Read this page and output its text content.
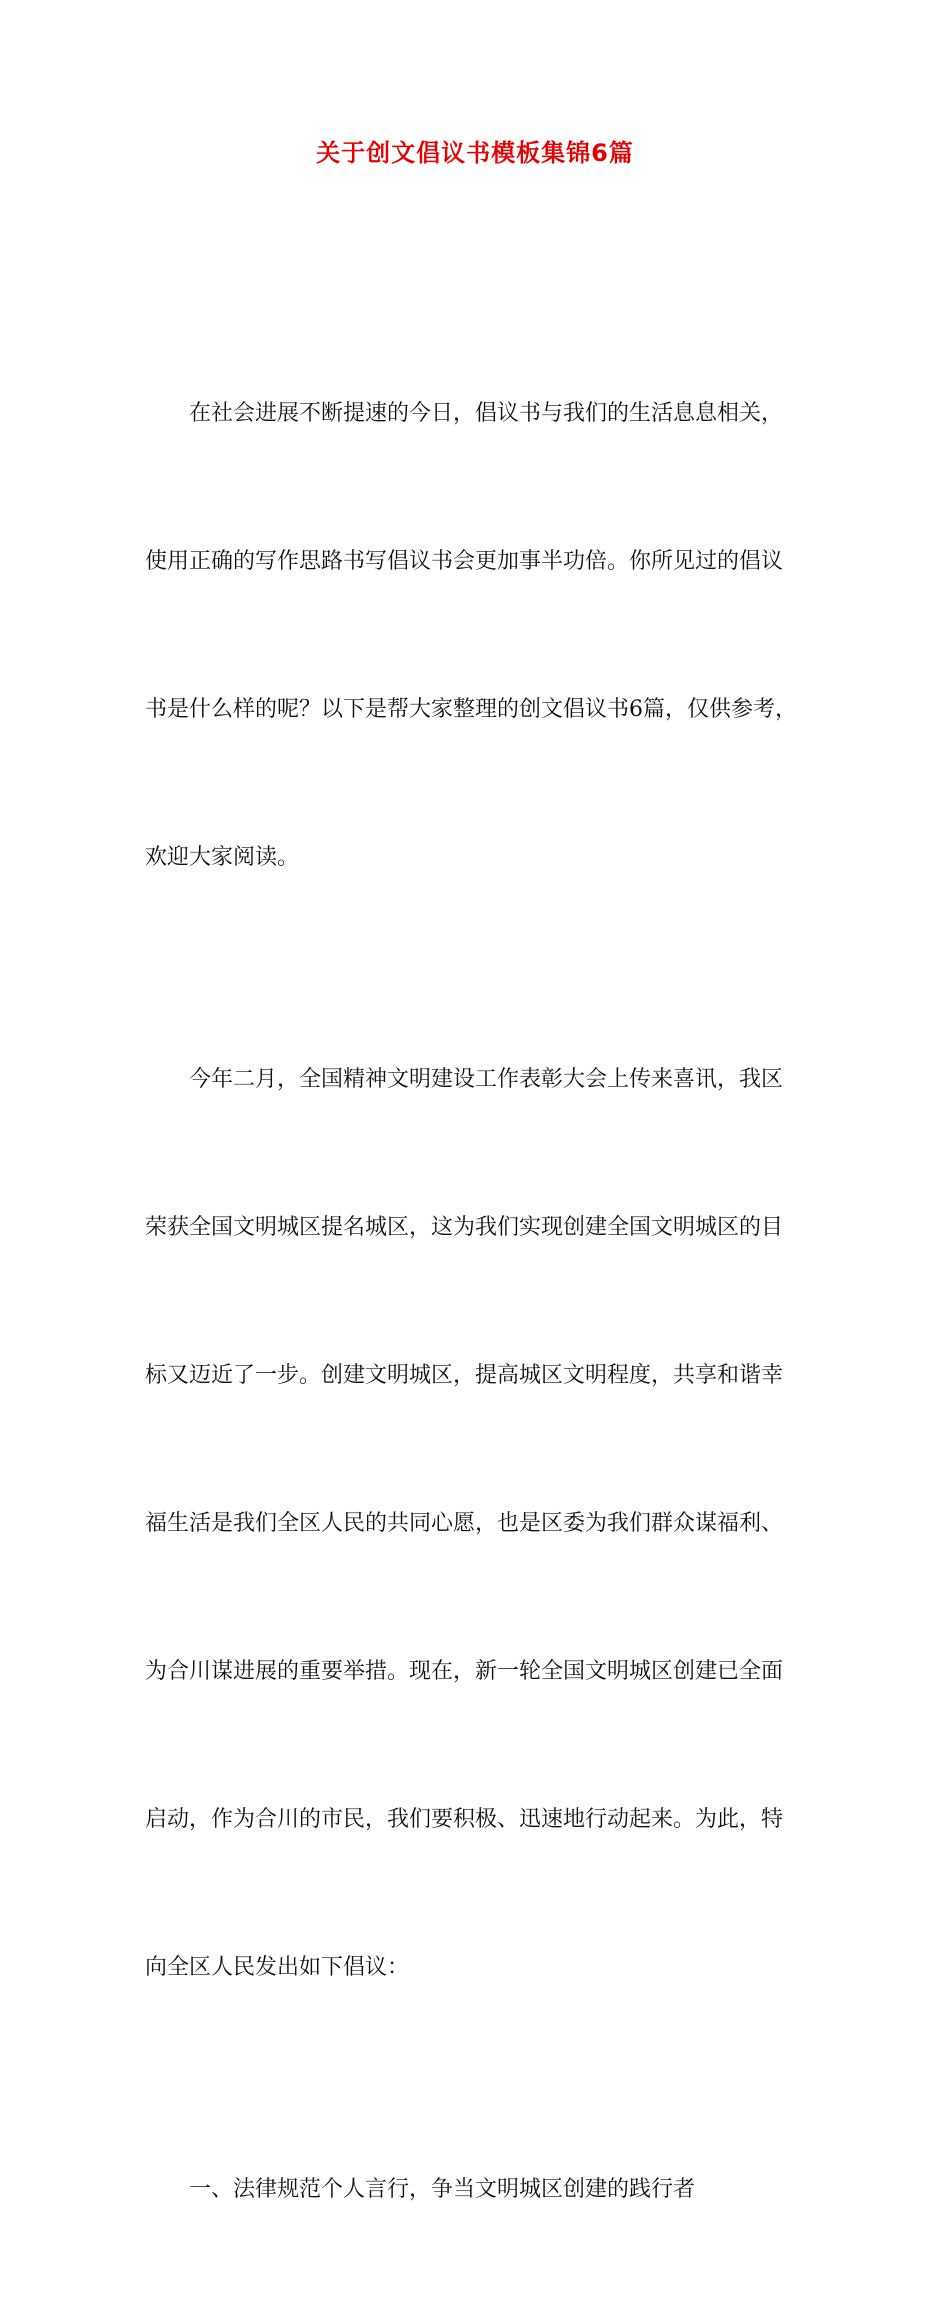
关于创文倡议书模板集锦6篇

在社会进展不断提速的今日，倡议书与我们的生活息息相关，

使用正确的写作思路书写倡议书会更加事半功倍。你所见过的倡议

书是什么样的呢？以下是帮大家整理的创文倡议书6篇，仅供参考，

欢迎大家阅读。

今年二月，全国精神文明建设工作表彰大会上传来喜讯，我区

荣获全国文明城区提名城区，这为我们实现创建全国文明城区的目

标又迈近了一步。创建文明城区，提高城区文明程度，共享和谐幸

福生活是我们全区人民的共同心愿，也是区委为我们群众谋福利、

为合川谋进展的重要举措。现在，新一轮全国文明城区创建已全面

启动，作为合川的市民，我们要积极、迅速地行动起来。为此，特

向全区人民发出如下倡议：

一、法律规范个人言行，争当文明城区创建的践行者
